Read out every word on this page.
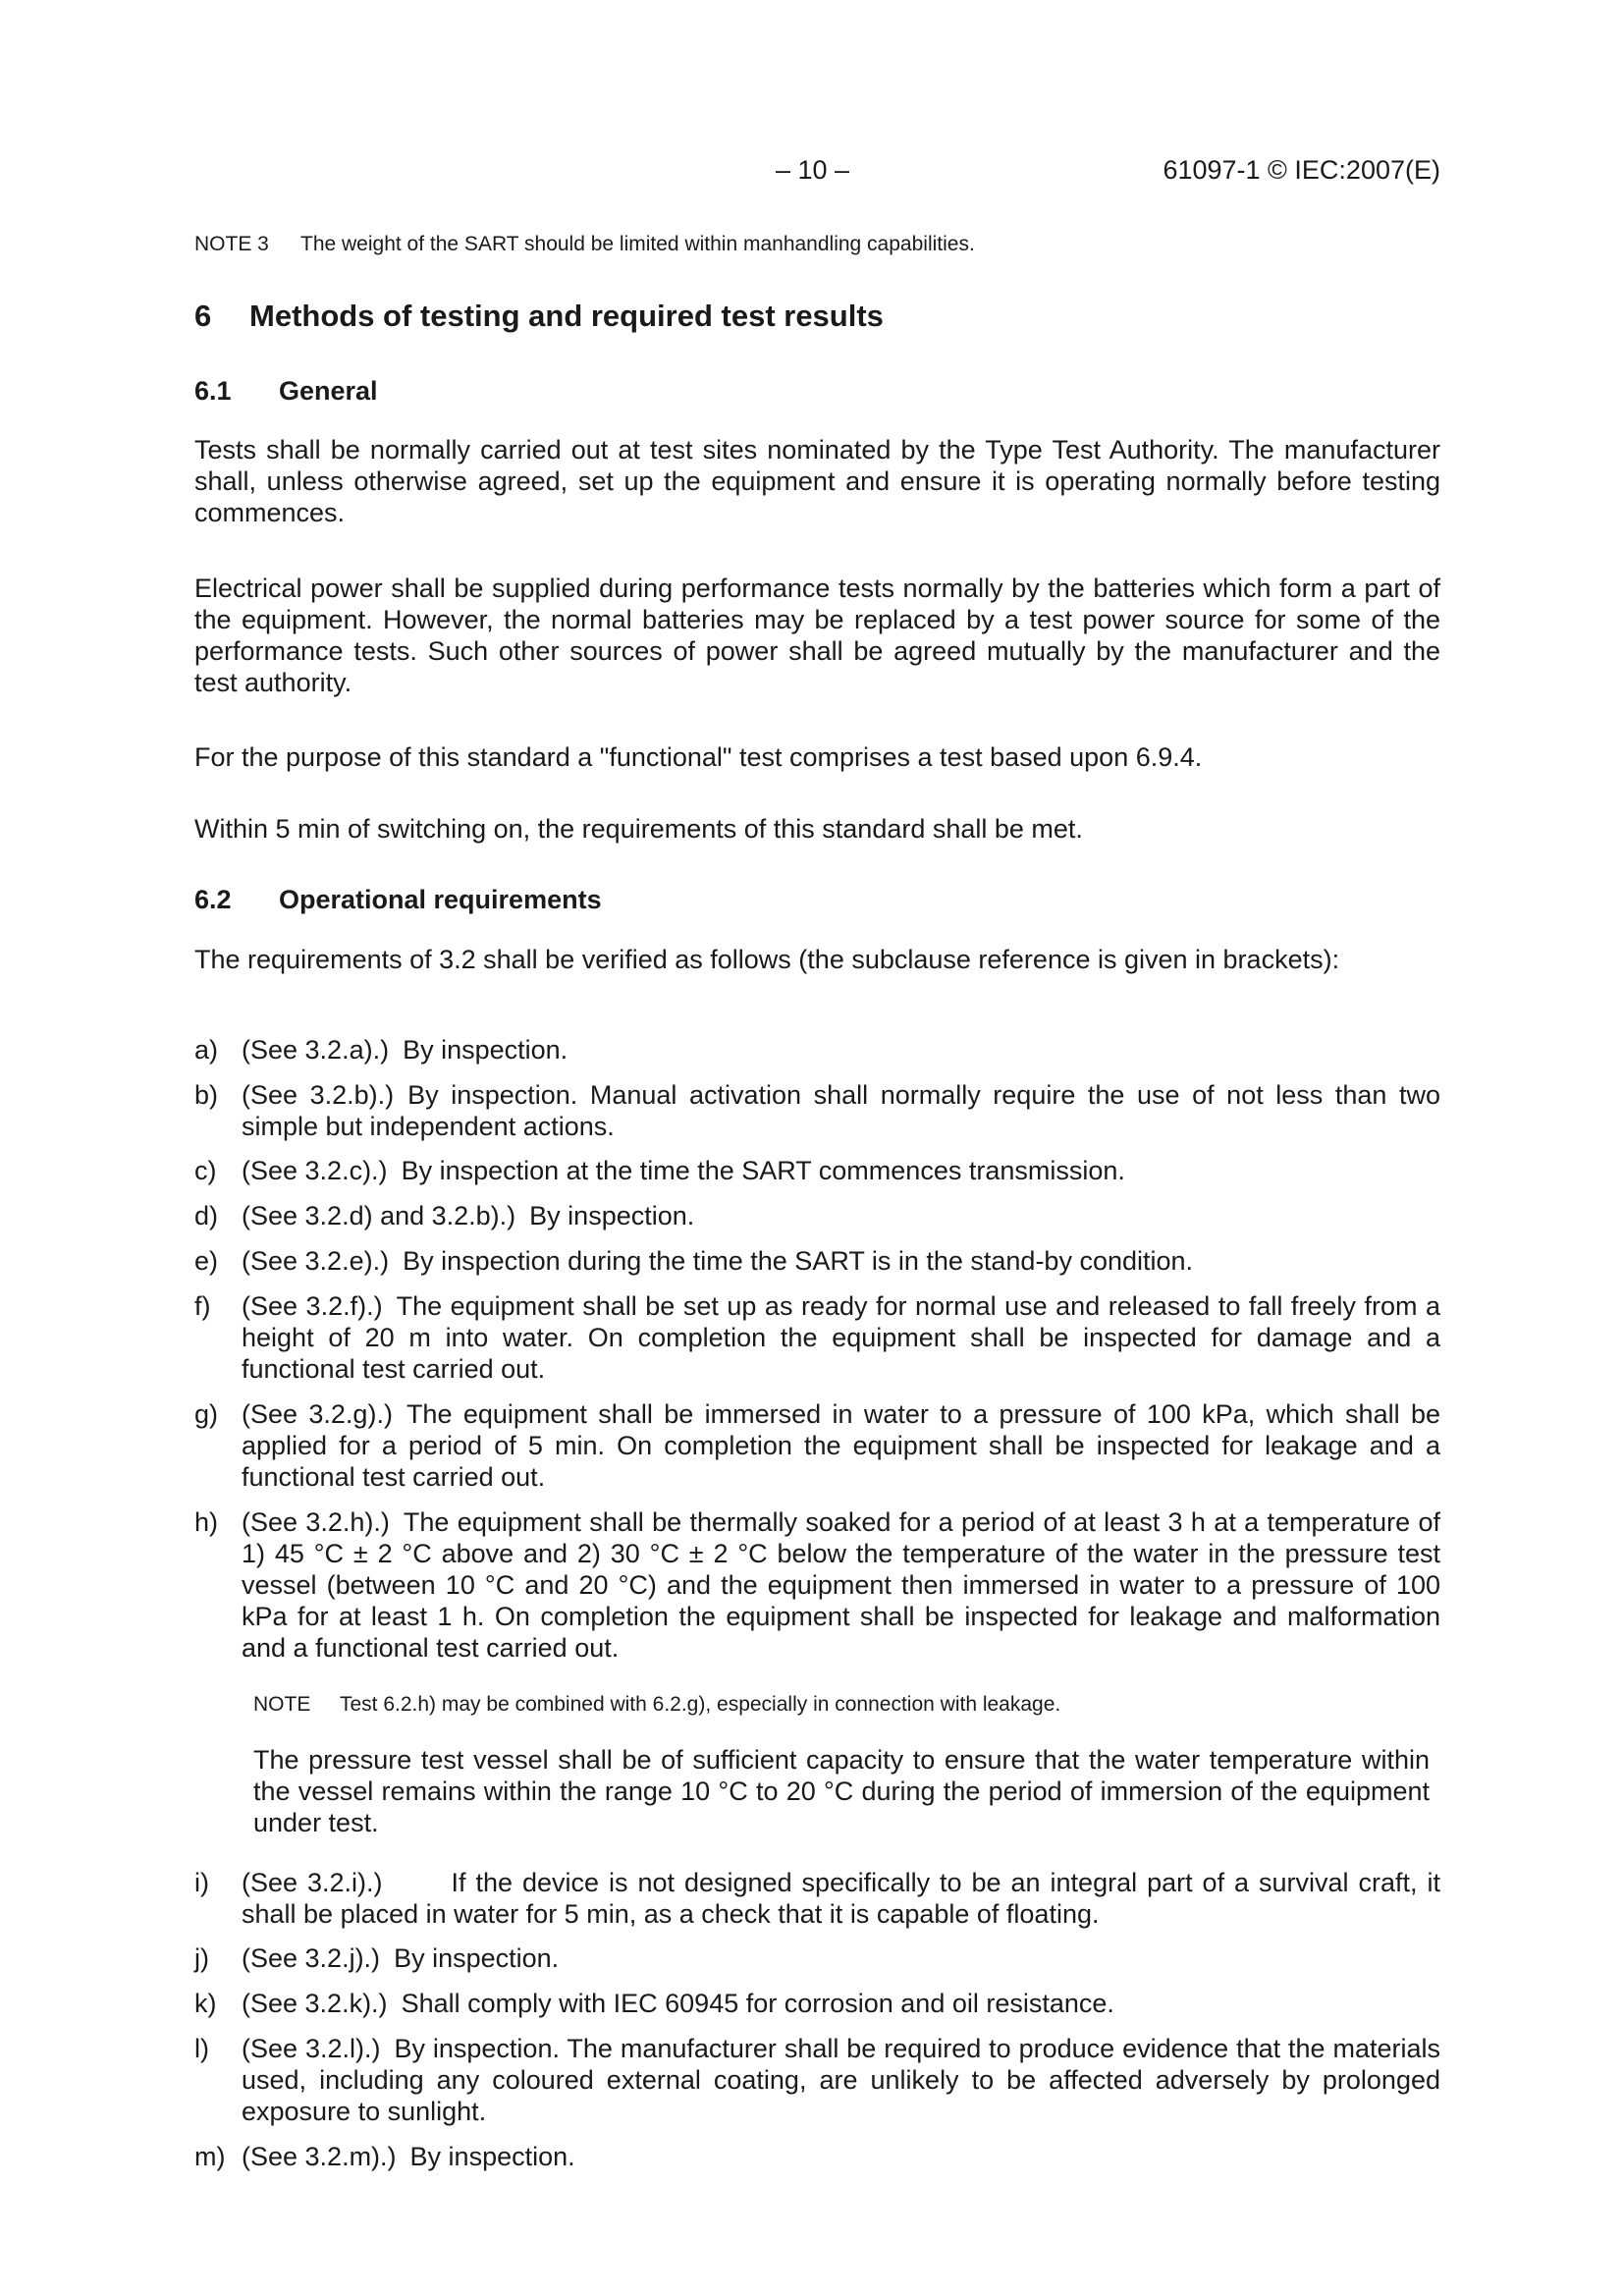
– 10 –	61097-1 © IEC:2007(E)

NOTE 3 The weight of the SART should be limited within manhandling capabilities.

6 Methods of testing and required test results

6.1 General

Tests shall be normally carried out at test sites nominated by the Type Test Authority. The manufacturer shall, unless otherwise agreed, set up the equipment and ensure it is operating normally before testing commences.

Electrical power shall be supplied during performance tests normally by the batteries which form a part of the equipment. However, the normal batteries may be replaced by a test power source for some of the performance tests. Such other sources of power shall be agreed mutually by the manufacturer and the test authority.

For the purpose of this standard a "functional" test comprises a test based upon 6.9.4.

Within 5 min of switching on, the requirements of this standard shall be met.

6.2 Operational requirements

The requirements of 3.2 shall be verified as follows (the subclause reference is given in brackets):

a) (See 3.2.a).) By inspection.
b) (See 3.2.b).) By inspection. Manual activation shall normally require the use of not less than two simple but independent actions.
c) (See 3.2.c).) By inspection at the time the SART commences transmission.
d) (See 3.2.d) and 3.2.b).) By inspection.
e) (See 3.2.e).) By inspection during the time the SART is in the stand-by condition.
f) (See 3.2.f).) The equipment shall be set up as ready for normal use and released to fall freely from a height of 20 m into water. On completion the equipment shall be inspected for damage and a functional test carried out.
g) (See 3.2.g).) The equipment shall be immersed in water to a pressure of 100 kPa, which shall be applied for a period of 5 min. On completion the equipment shall be inspected for leakage and a functional test carried out.
h) (See 3.2.h).) The equipment shall be thermally soaked for a period of at least 3 h at a temperature of 1) 45 °C ± 2 °C above and 2) 30 °C ± 2 °C below the temperature of the water in the pressure test vessel (between 10 °C and 20 °C) and the equipment then immersed in water to a pressure of 100 kPa for at least 1 h. On completion the equipment shall be inspected for leakage and malformation and a functional test carried out.

NOTE Test 6.2.h) may be combined with 6.2.g), especially in connection with leakage.

The pressure test vessel shall be of sufficient capacity to ensure that the water temperature within the vessel remains within the range 10 °C to 20 °C during the period of immersion of the equipment under test.

i) (See 3.2.i).)	If the device is not designed specifically to be an integral part of a survival craft, it shall be placed in water for 5 min, as a check that it is capable of floating.
j) (See 3.2.j).) By inspection.
k) (See 3.2.k).) Shall comply with IEC 60945 for corrosion and oil resistance.
l) (See 3.2.l).) By inspection. The manufacturer shall be required to produce evidence that the materials used, including any coloured external coating, are unlikely to be affected adversely by prolonged exposure to sunlight.
m) (See 3.2.m).) By inspection.
